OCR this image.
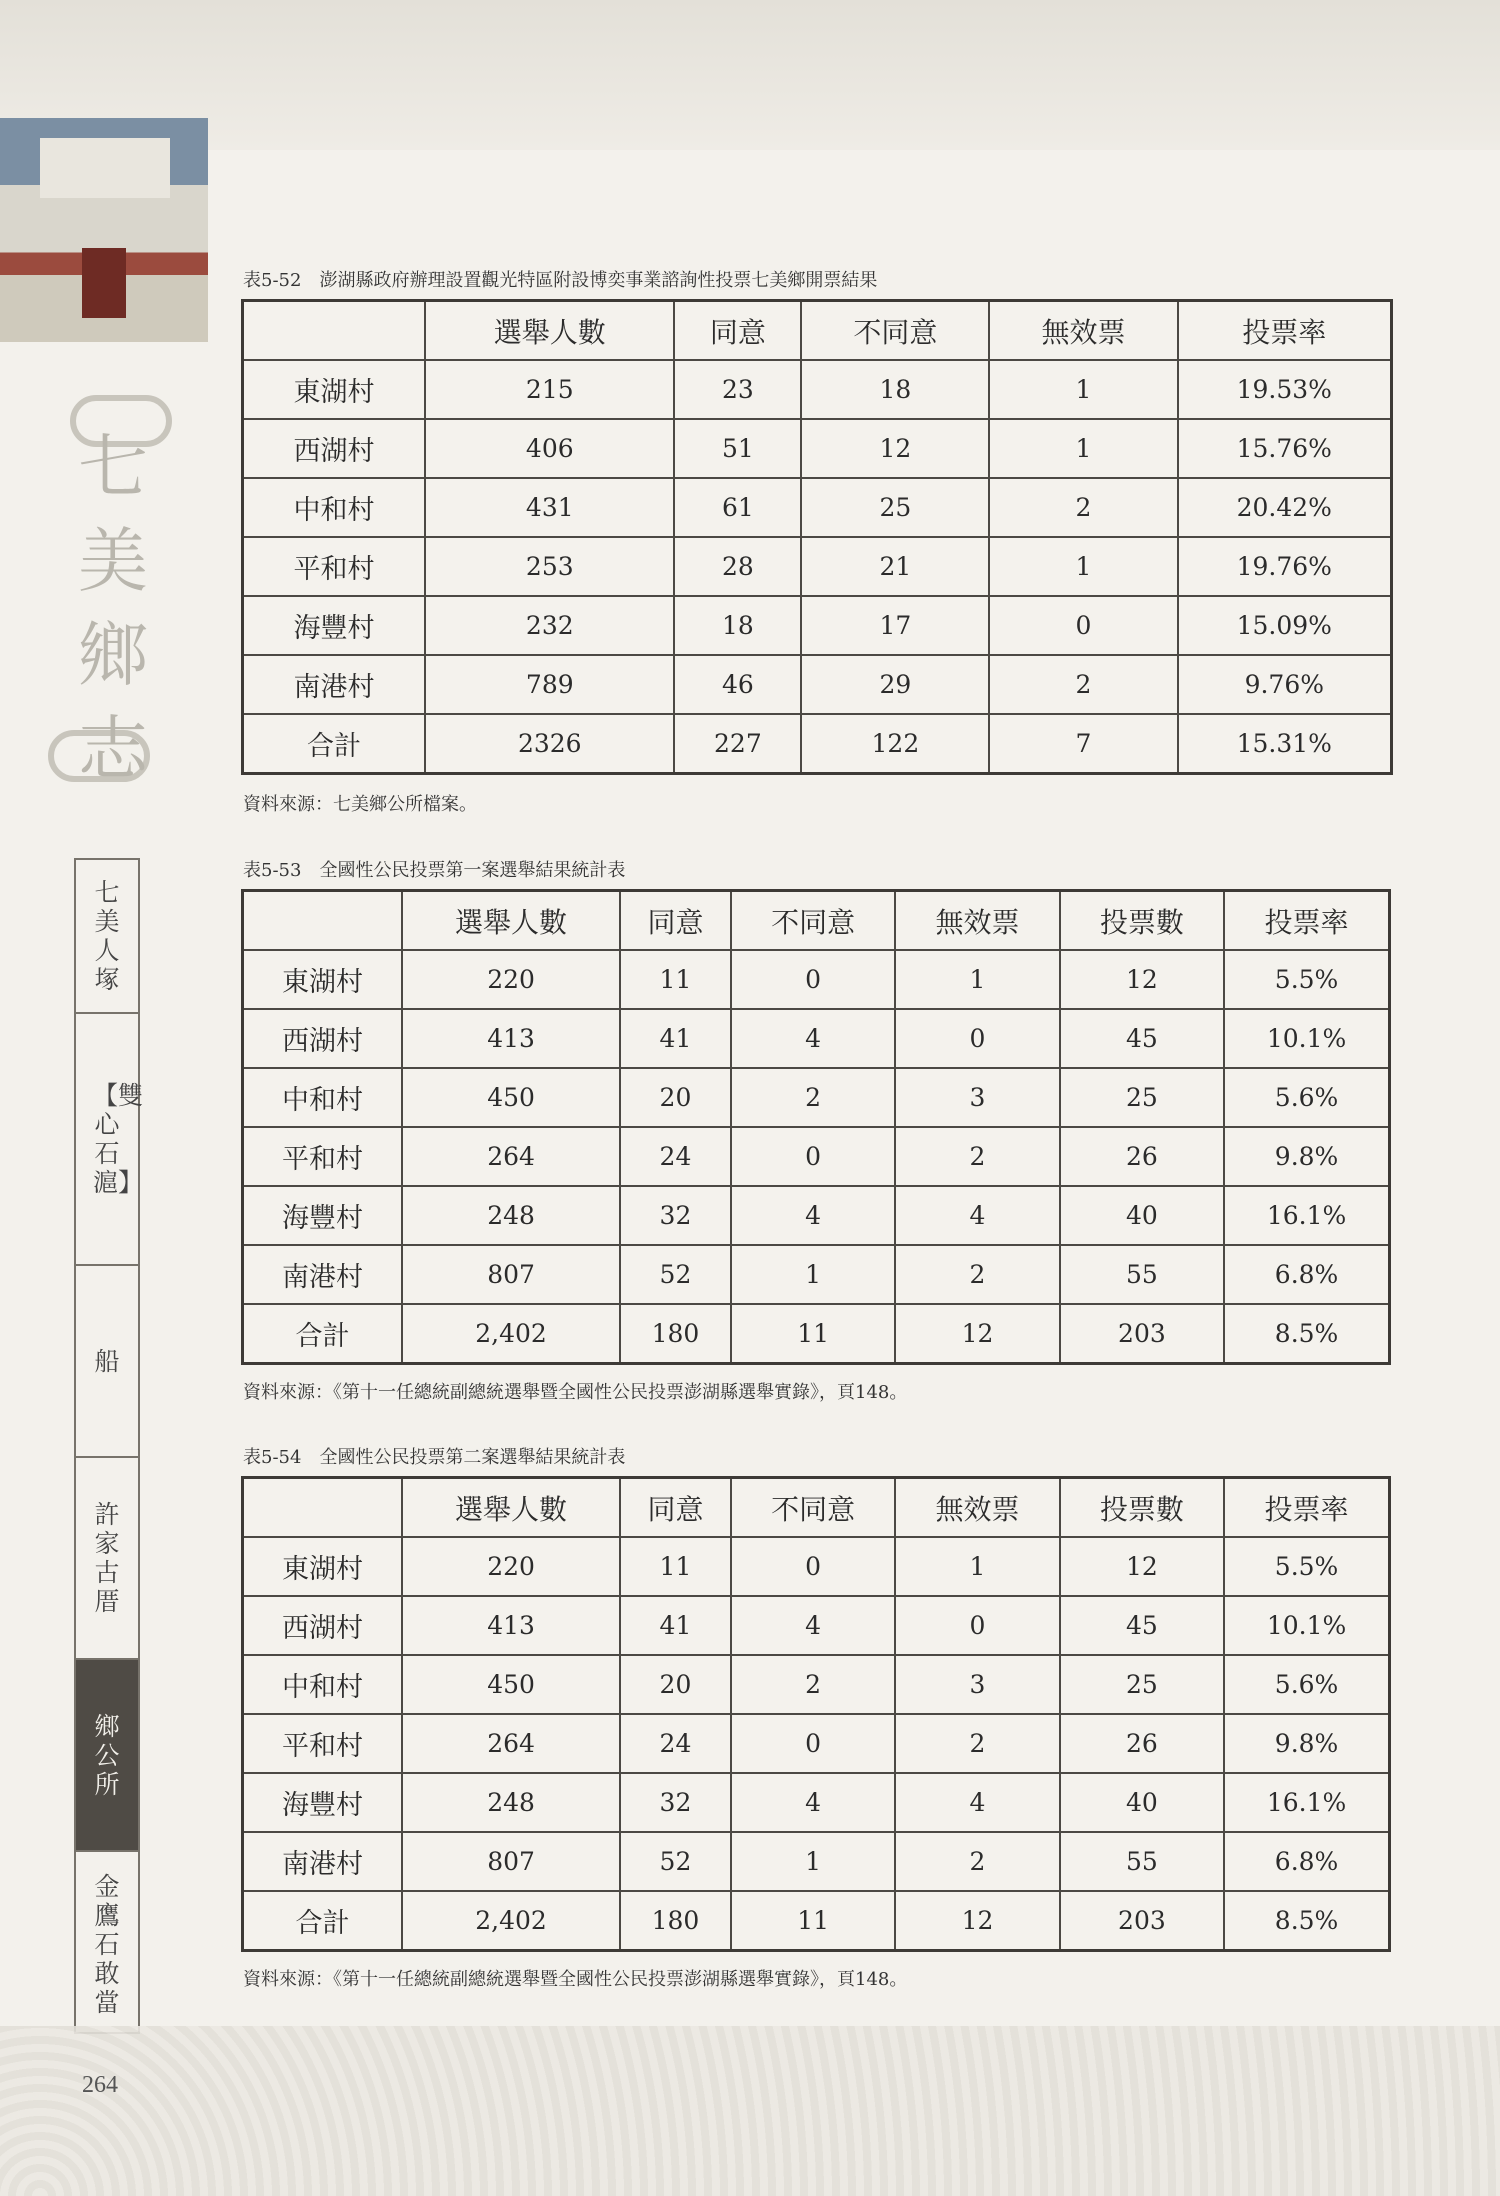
七
美
鄉
志
七美人塚
【雙心石滬】
船
許家古厝
鄉公所
金鷹石敢當
表5-52　澎湖縣政府辦理設置觀光特區附設博奕事業諮詢性投票七美鄉開票結果
	選舉人數	同意	不同意	無效票	投票率
東湖村	215	23	18	1	19.53%
西湖村	406	51	12	1	15.76%
中和村	431	61	25	2	20.42%
平和村	253	28	21	1	19.76%
海豐村	232	18	17	0	15.09%
南港村	789	46	29	2	9.76%
合計	2326	227	122	7	15.31%
資料來源：七美鄉公所檔案。
表5-53　全國性公民投票第一案選舉結果統計表
	選舉人數	同意	不同意	無效票	投票數	投票率
東湖村	220	11	0	1	12	5.5%
西湖村	413	41	4	0	45	10.1%
中和村	450	20	2	3	25	5.6%
平和村	264	24	0	2	26	9.8%
海豐村	248	32	4	4	40	16.1%
南港村	807	52	1	2	55	6.8%
合計	2,402	180	11	12	203	8.5%
資料來源：《第十一任總統副總統選舉暨全國性公民投票澎湖縣選舉實錄》，頁148。
表5-54　全國性公民投票第二案選舉結果統計表
	選舉人數	同意	不同意	無效票	投票數	投票率
東湖村	220	11	0	1	12	5.5%
西湖村	413	41	4	0	45	10.1%
中和村	450	20	2	3	25	5.6%
平和村	264	24	0	2	26	9.8%
海豐村	248	32	4	4	40	16.1%
南港村	807	52	1	2	55	6.8%
合計	2,402	180	11	12	203	8.5%
資料來源：《第十一任總統副總統選舉暨全國性公民投票澎湖縣選舉實錄》，頁148。
264
